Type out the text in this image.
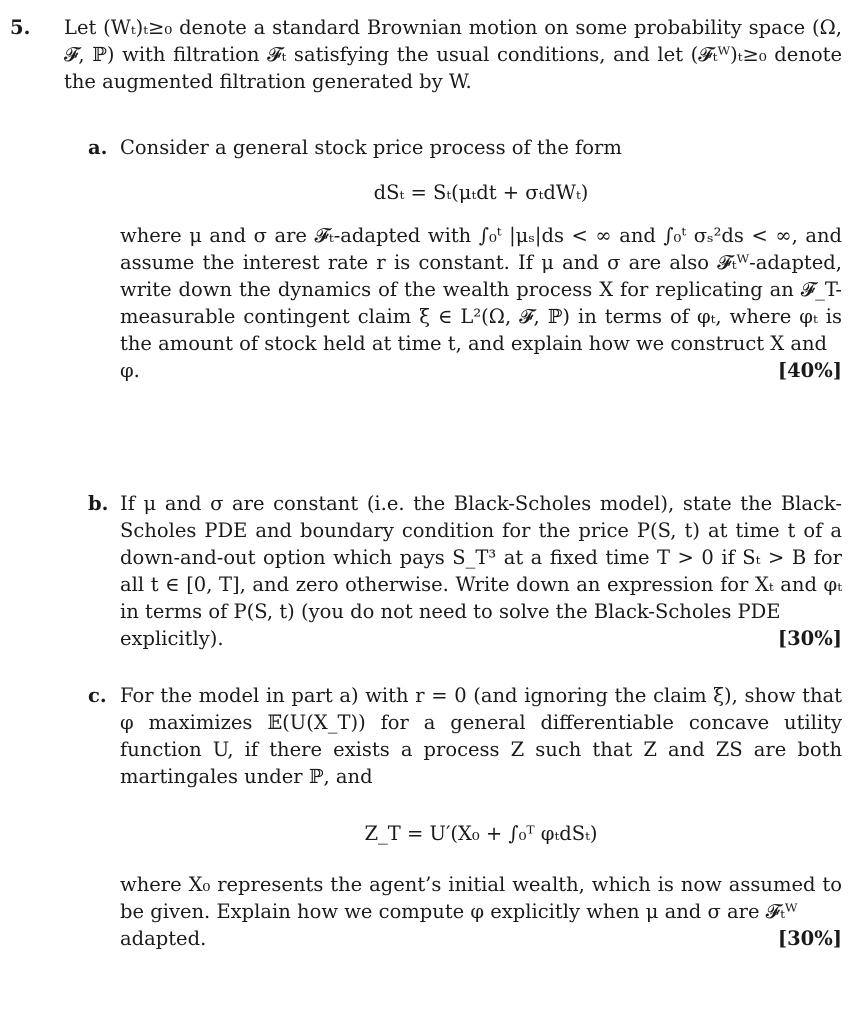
5. Let (Wₜ)ₜ≥₀ denote a standard Brownian motion on some probability space (Ω, 𝓕, ℙ) with filtration 𝓕ₜ satisfying the usual conditions, and let (𝓕ₜᵂ)ₜ≥₀ denote the augmented filtration generated by W.
a. Consider a general stock price process of the form
dSₜ = Sₜ(μₜdt + σₜdWₜ)
where μ and σ are 𝓕ₜ-adapted with ∫₀ᵗ |μₛ|ds < ∞ and ∫₀ᵗ σₛ²ds < ∞, and assume the interest rate r is constant. If μ and σ are also 𝓕ₜᵂ-adapted, write down the dynamics of the wealth process X for replicating an 𝓕_T-measurable contingent claim ξ ∈ L²(Ω, 𝓕, ℙ) in terms of φₜ, where φₜ is the amount of stock held at time t, and explain how we construct X and
φ.	[40%]
b. If μ and σ are constant (i.e. the Black-Scholes model), state the Black-Scholes PDE and boundary condition for the price P(S, t) at time t of a down-and-out option which pays S_T³ at a fixed time T > 0 if Sₜ > B for all t ∈ [0, T], and zero otherwise. Write down an expression for Xₜ and φₜ in terms of P(S, t) (you do not need to solve the Black-Scholes PDE
explicitly).	[30%]
c. For the model in part a) with r = 0 (and ignoring the claim ξ), show that φ maximizes 𝔼(U(X_T)) for a general differentiable concave utility function U, if there exists a process Z such that Z and ZS are both martingales under ℙ, and
Z_T = U′(X₀ + ∫₀ᵀ φₜdSₜ)
where X₀ represents the agent’s initial wealth, which is now assumed to be given. Explain how we compute φ explicitly when μ and σ are 𝓕ₜᵂ
adapted.	[30%]
